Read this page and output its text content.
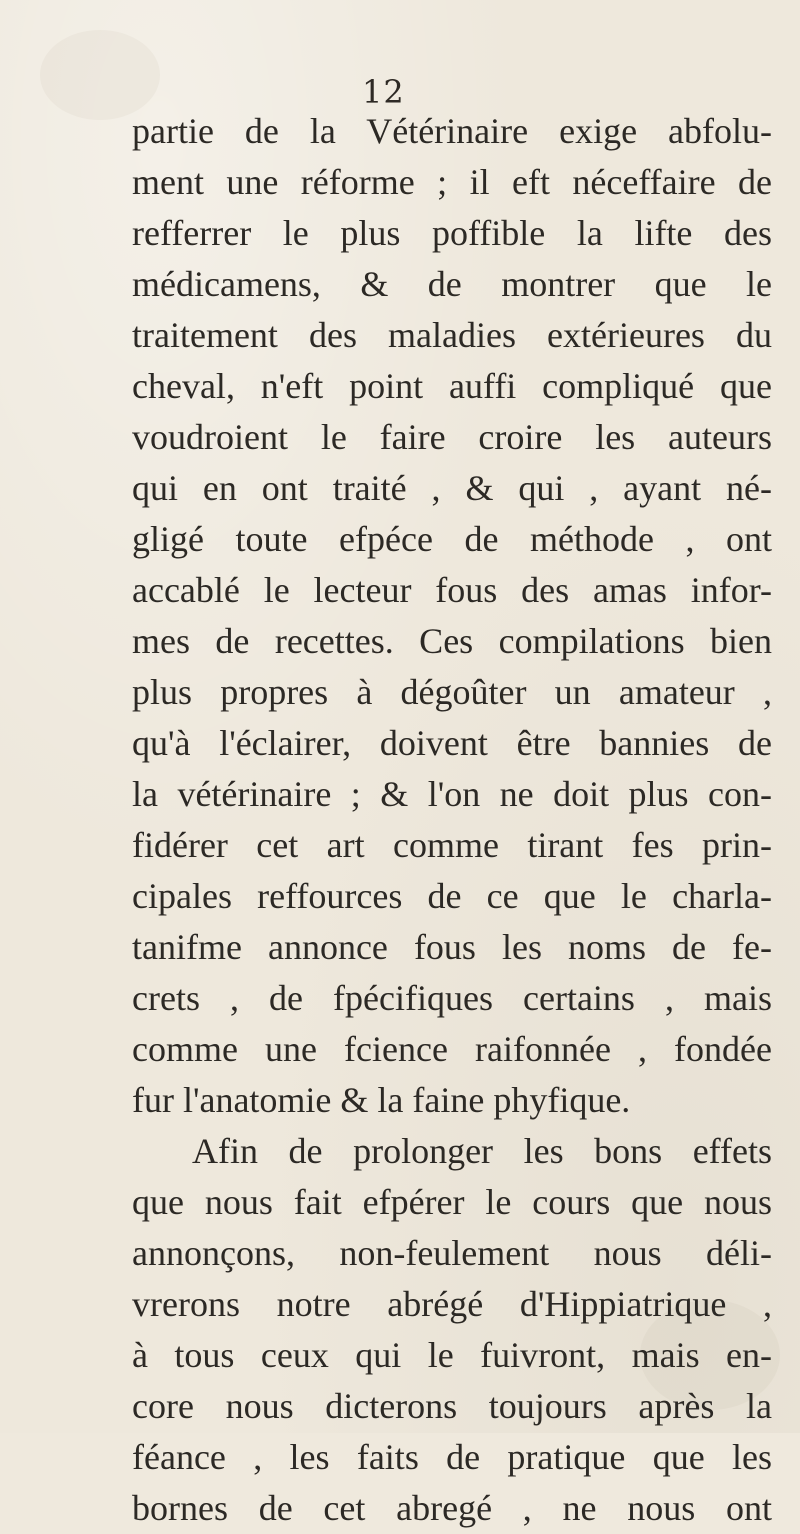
12
partie de la Vétérinaire exige abfolu-
ment une réforme ; il eft néceffaire de
refferrer le plus poffible la lifte des
médicamens, & de montrer que le
traitement des maladies extérieures du
cheval, n'eft point auffi compliqué que
voudroient le faire croire les auteurs
qui en ont traité , & qui , ayant né-
gligé toute efpéce de méthode , ont
accablé le lecteur fous des amas infor-
mes de recettes. Ces compilations bien
plus propres à dégoûter un amateur ,
qu'à l'éclairer, doivent être bannies de
la vétérinaire ; & l'on ne doit plus con-
fidérer cet art comme tirant fes prin-
cipales reffources de ce que le charla-
tanifme annonce fous les noms de fe-
crets , de fpécifiques certains , mais
comme une fcience raifonnée , fondée
fur l'anatomie & la faine phyfique.
Afin de prolonger les bons effets
que nous fait efpérer le cours que nous
annonçons, non-feulement nous déli-
vrerons notre abrégé d'Hippiatrique ,
à tous ceux qui le fuivront, mais en-
core nous dicterons toujours après la
féance , les faits de pratique que les
bornes de cet abregé , ne nous ont
